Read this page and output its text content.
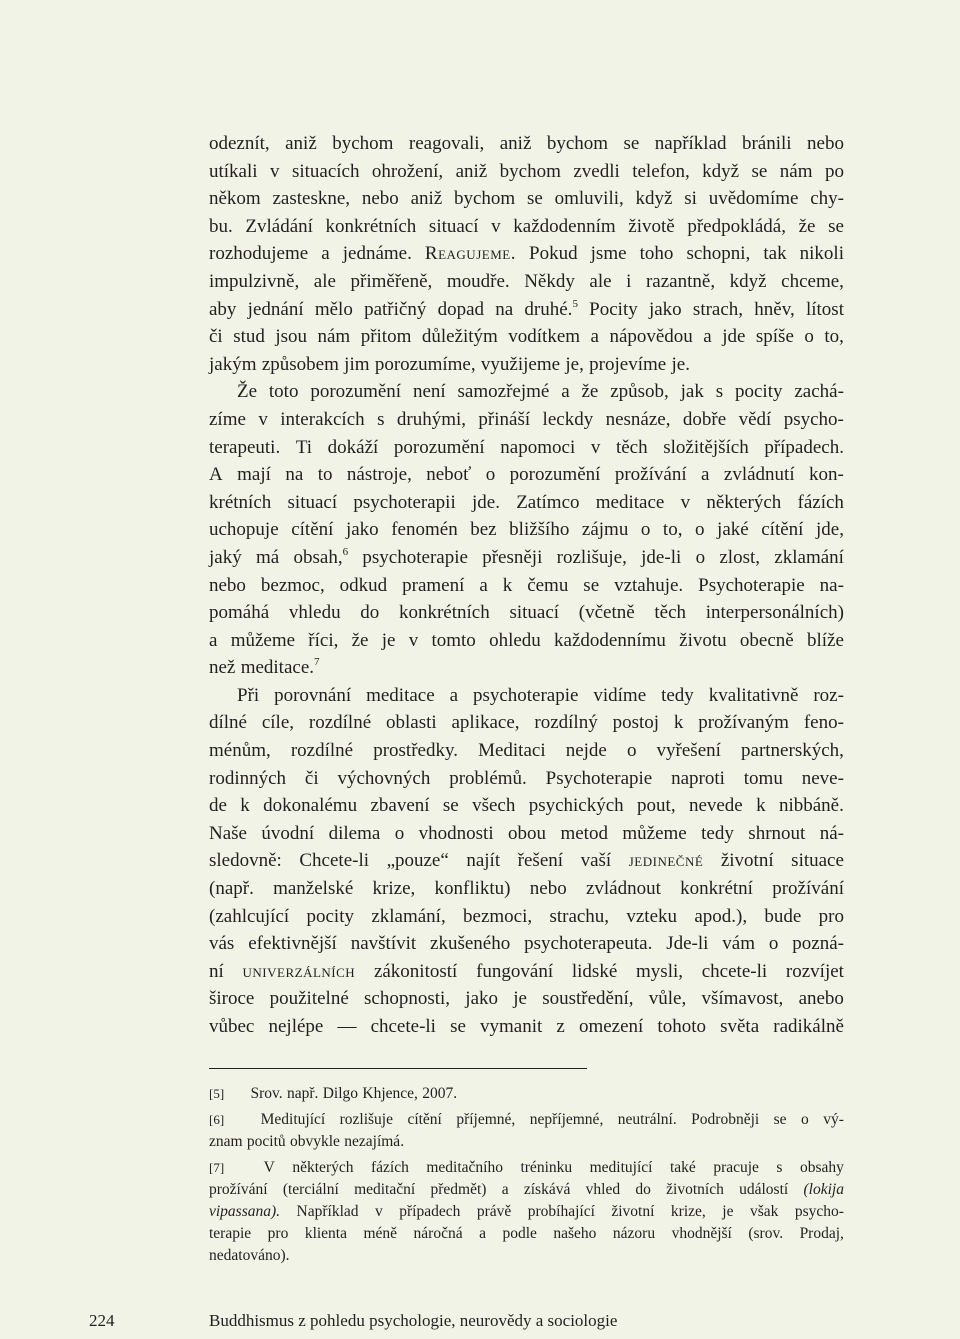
odeznít, aniž bychom reagovali, aniž bychom se například bránili nebo
utíkali v situacích ohrožení, aniž bychom zvedli telefon, když se nám po
někom zasteskne, nebo aniž bychom se omluvili, když si uvědomíme chy-
bu. Zvládání konkrétních situací v každodenním životě předpokládá, že se
rozhodujeme a jednáme. Reagujeme. Pokud jsme toho schopni, tak nikoli
impulzivně, ale přiměřeně, moudře. Někdy ale i razantně, když chceme,
aby jednání mělo patřičný dopad na druhé.$^5$ Pocity jako strach, hněv, lítost
či stud jsou nám přitom důležitým vodítkem a nápovědou a jde spíše o to,
jakým způsobem jim porozumíme, využijeme je, projevíme je.
Že toto porozumění není samozřejmé a že způsob, jak s pocity zachá-
zíme v interakcích s druhými, přináší leckdy nesnáze, dobře vědí psycho-
terapeuti. Ti dokáží porozumění napomoci v těch složitějších případech.
A mají na to nástroje, neboť o porozumění prožívání a zvládnutí kon-
krétních situací psychoterapii jde. Zatímco meditace v některých fázích
uchopuje cítění jako fenomén bez bližšího zájmu o to, o jaké cítění jde,
jaký má obsah,$^6$ psychoterapie přesněji rozlišuje, jde-li o zlost, zklamání
nebo bezmoc, odkud pramení a k čemu se vztahuje. Psychoterapie na-
pomáhá vhledu do konkrétních situací (včetně těch interpersonálních)
a můžeme říci, že je v tomto ohledu každodennímu životu obecně blíže
než meditace.$^7$
Při porovnání meditace a psychoterapie vidíme tedy kvalitativně roz-
dílné cíle, rozdílné oblasti aplikace, rozdílný postoj k prožívaným feno-
ménům, rozdílné prostředky. Meditaci nejde o vyřešení partnerských,
rodinných či výchovných problémů. Psychoterapie naproti tomu neve-
de k dokonalému zbavení se všech psychických pout, nevede k nibbáně.
Naše úvodní dilema o vhodnosti obou metod můžeme tedy shrnout ná-
sledovně: Chcete-li „pouze“ najít řešení vaší jedinečné životní situace
(např. manželské krize, konfliktu) nebo zvládnout konkrétní prožívání
(zahlcující pocity zklamání, bezmoci, strachu, vzteku apod.), bude pro
vás efektivnější navštívit zkušeného psychoterapeuta. Jde-li vám o pozná-
ní univerzálních zákonitostí fungování lidské mysli, chcete-li rozvíjet
široce použitelné schopnosti, jako je soustředění, vůle, všímavost, anebo
vůbec nejlépe — chcete-li se vymanit z omezení tohoto světa radikálně
[5] Srov. např. Dilgo Khjence, 2007.
[6] Meditující rozlišuje cítění příjemné, nepříjemné, neutrální. Podrobněji se o vý-
znam pocitů obvykle nezajímá.
[7]	V některých fázích meditačního tréninku meditující také pracuje s obsahy
prožívání (terciální meditační předmět) a získává vhled do životních událostí (lokija
vipassana). Například v případech právě probíhající životní krize, je však psycho-
terapie pro klienta méně náročná a podle našeho názoru vhodnější (srov. Prodaj,
nedatováno).
224	Buddhismus z pohledu psychologie, neurovědy a sociologie
